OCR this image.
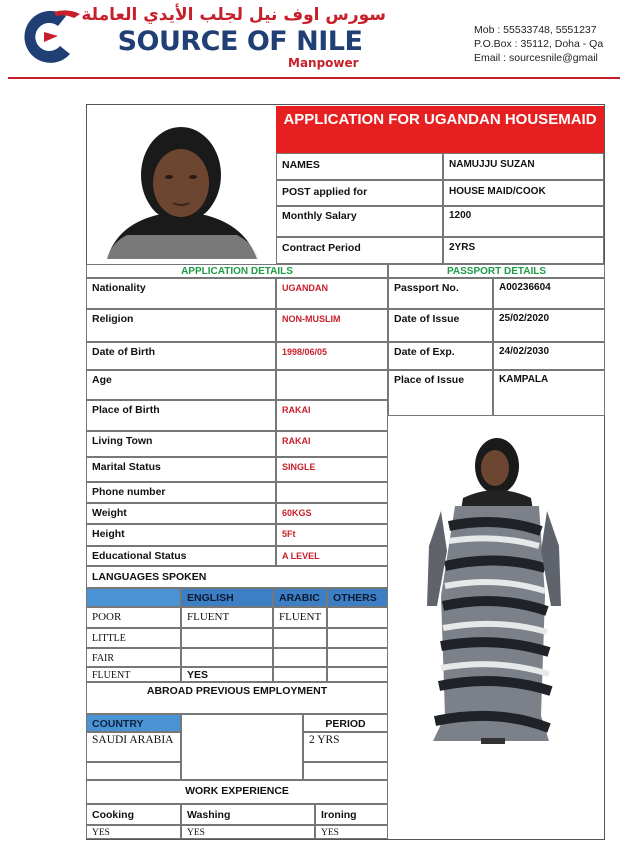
سورس اوف نيل لجلب الأيدي العاملة
SOURCE OF NILE
Manpower
Mob : 55533748, 5551237
P.O.Box : 35112, Doha - Qa
Email : sourcesnile@gmail
APPLICATION FOR UGANDAN HOUSEMAID
NAMES	NAMUJJU SUZAN
POST applied for	HOUSE MAID/COOK
Monthly Salary	1200
Contract Period	2YRS
APPLICATION DETAILS	PASSPORT DETAILS
Nationality	UGANDAN
Religion	NON-MUSLIM
Date of Birth	1998/06/05
Age
Place of Birth	RAKAI
Living Town	RAKAI
Marital Status	SINGLE
Phone number
Weight	60KGS
Height	5Ft
Educational Status	A LEVEL
Passport No.	A00236604
Date of Issue	25/02/2020
Date of Exp.	24/02/2030
Place of Issue	KAMPALA
LANGUAGES SPOKEN
ENGLISH	ARABIC	OTHERS
POOR	FLUENT	FLUENT
LITTLE
FAIR
FLUENT	YES
ABROAD PREVIOUS EMPLOYMENT
COUNTRY	PERIOD
SAUDI ARABIA	2 YRS
WORK EXPERIENCE
Cooking	Washing	Ironing
YES	YES	YES
